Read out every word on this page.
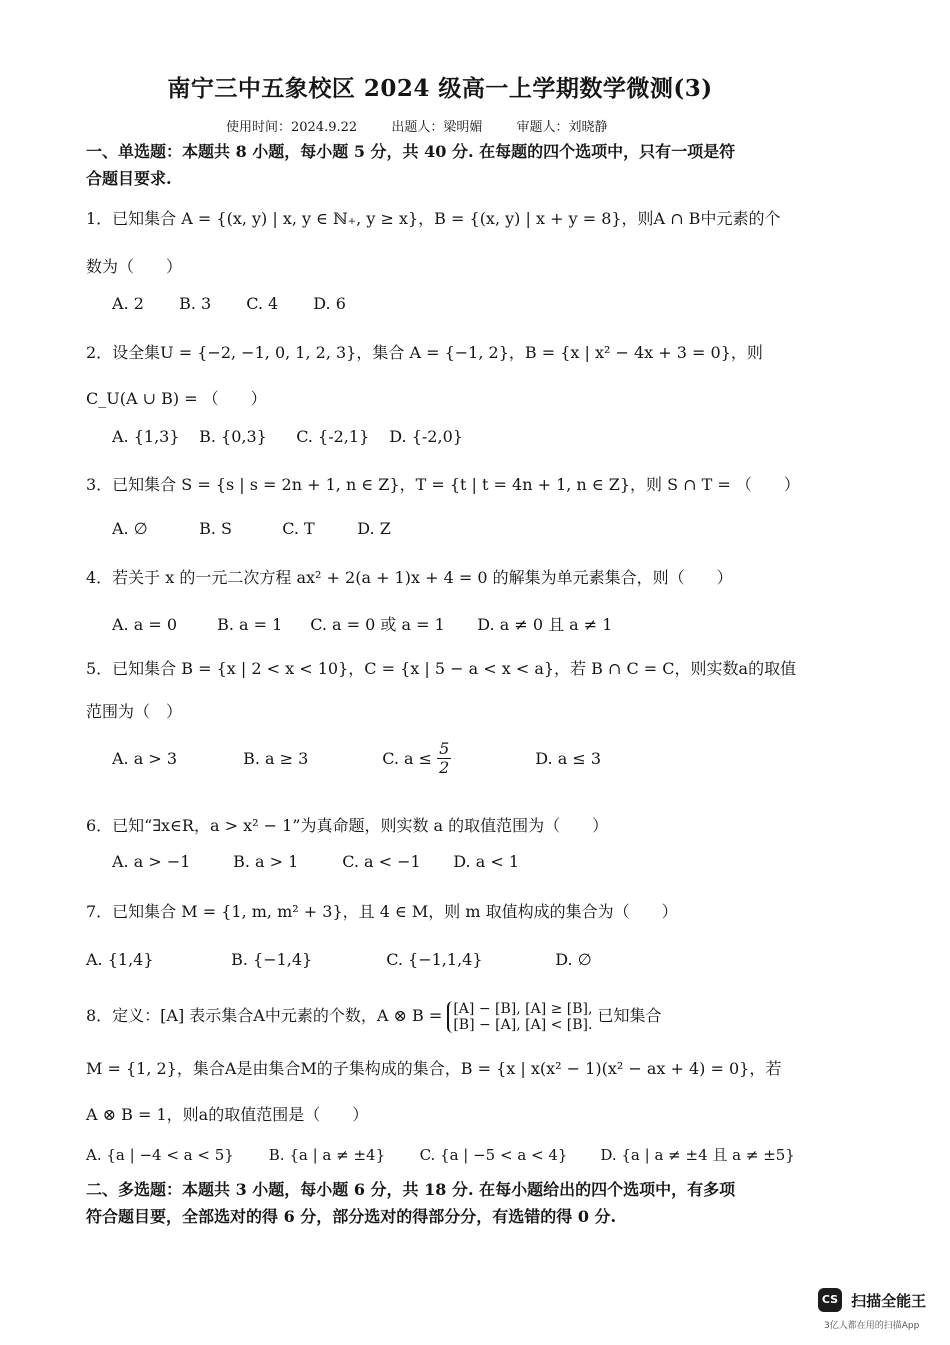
南宁三中五象校区 2024 级高一上学期数学微测(3)
使用时间：2024.9.22	出题人：梁明媚	审题人：刘晓静
一、单选题：本题共 8 小题，每小题 5 分，共 40 分. 在每题的四个选项中，只有一项是符
合题目要求.
1．已知集合 A = {(x, y) | x, y ∈ ℕ₊, y ≥ x}，B = {(x, y) | x + y = 8}，则A ∩ B中元素的个
数为（　　）
A. 2 B. 3 C. 4 D. 6
2．设全集U = {−2, −1, 0, 1, 2, 3}，集合 A = {−1, 2}，B = {x | x² − 4x + 3 = 0}，则
C_U(A ∪ B) = （　　）
A. {1,3} B. {0,3} C. {-2,1} D. {-2,0}
3．已知集合 S = {s | s = 2n + 1, n ∈ Z}，T = {t | t = 4n + 1, n ∈ Z}，则 S ∩ T = （　　）
A. ∅	B. S	C. T	D. Z
4．若关于 x 的一元二次方程 ax² + 2(a + 1)x + 4 = 0 的解集为单元素集合，则（　　）
A. a = 0	B. a = 1 C. a = 0 或 a = 1 D. a ≠ 0 且 a ≠ 1
5．已知集合 B = {x | 2 < x < 10}，C = {x | 5 − a < x < a}，若 B ∩ C = C，则实数a的取值
范围为（　）
A. a > 3	B. a ≥ 3	C. $a \le \frac{5}{2}$	D. a ≤ 3
6．已知“∃x∈R，a > x² − 1”为真命题，则实数 a 的取值范围为（　　）
A. a > −1	B. a > 1	C. a < −1 D. a < 1
7．已知集合 M = {1, m, m² + 3}，且 4 ∈ M，则 m 取值构成的集合为（　　）
A. {1,4}	B. {−1,4}	C. {−1,1,4}	D. ∅
8．定义：[A] 表示集合A中元素的个数，A ⊗ B = [A] − [B], [A] ≥ [B],
[B] − [A], [A] < [B]. 已知集合
M = {1, 2}，集合A是由集合M的子集构成的集合，B = {x | x(x² − 1)(x² − ax + 4) = 0}，若
A ⊗ B = 1，则a的取值范围是（　　）
A. {a | −4 < a < 5} B. {a | a ≠ ±4} C. {a | −5 < a < 4} D. {a | a ≠ ±4 且 a ≠ ±5}
二、多选题：本题共 3 小题，每小题 6 分，共 18 分. 在每小题给出的四个选项中，有多项
符合题目要，全部选对的得 6 分，部分选对的得部分分，有选错的得 0 分.
CS 扫描全能王
3亿人都在用的扫描App
